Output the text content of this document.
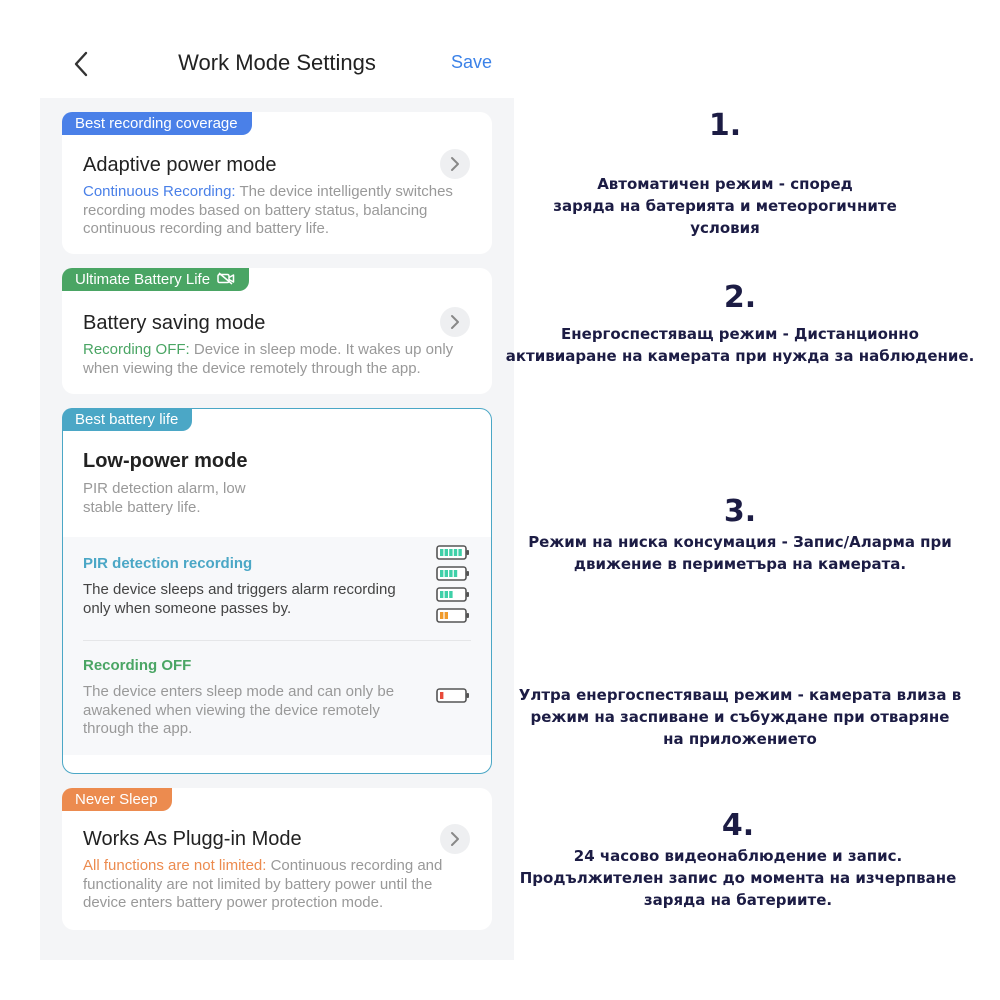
Work Mode Settings	Save
Best recording coverage
Adaptive power mode
Continuous Recording: The device intelligently switches recording modes based on battery status, balancing continuous recording and battery life.
Ultimate Battery Life
Battery saving mode
Recording OFF: Device in sleep mode. It wakes up only when viewing the device remotely through the app.
Best battery life
Low-power mode
PIR detection alarm, low stable battery life.
PIR detection recording
The device sleeps and triggers alarm recording only when someone passes by.
Recording OFF
The device enters sleep mode and can only be awakened when viewing the device remotely through the app.
Never Sleep
Works As Plugg-in Mode
All functions are not limited: Continuous recording and functionality are not limited by battery power until the device enters battery power protection mode.
1.
Автоматичен режим - според
заряда на батерията и метеорогичните условия
2.
Енергоспестяващ режим - Дистанционно
активиаране на камерата при нужда за наблюдение.
3.
Режим на ниска консумация - Запис/Аларма при
движение в периметъра на камерата.
Ултра енергоспестяващ режим - камерата влиза в
режим на заспиване и събуждане при отваряне
на приложението
4.
24 часово видеонаблюдение и запис.
Продължителен запис до момента на изчерпване
заряда на батериите.
